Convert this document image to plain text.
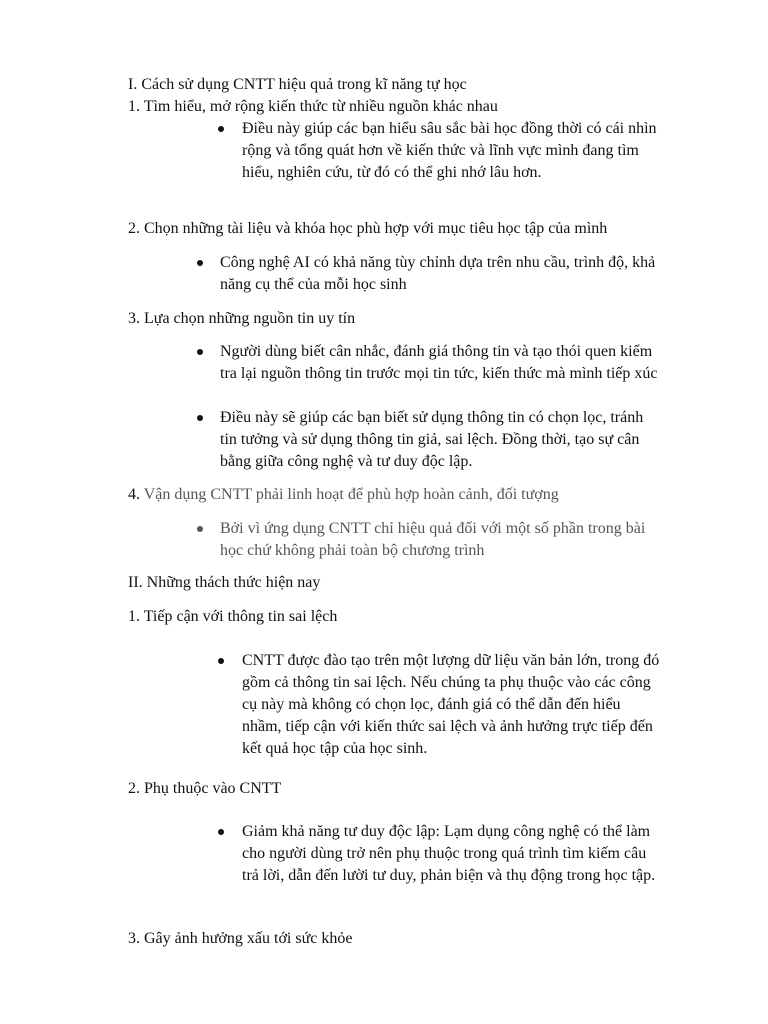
I. Cách sử dụng CNTT hiệu quả trong kĩ năng tự học
1. Tìm hiểu, mở rộng kiến thức từ nhiều nguồn khác nhau
Điều này giúp các bạn hiểu sâu sắc bài học đồng thời có cái nhìn rộng và tổng quát hơn về kiến thức và lĩnh vực mình đang tìm hiểu, nghiên cứu, từ đó có thể ghi nhớ lâu hơn.
2. Chọn những tài liệu và khóa học phù hợp với mục tiêu học tập của mình
Công nghệ AI có khả năng tùy chỉnh dựa trên nhu cầu, trình độ, khả năng cụ thể của mỗi học sinh
3. Lựa chọn những nguồn tin uy tín
Người dùng biết cân nhắc, đánh giá thông tin và tạo thói quen kiểm tra lại nguồn thông tin trước mọi tin tức, kiến thức mà mình tiếp xúc
Điều này sẽ giúp các bạn biết sử dụng thông tin có chọn lọc, tránh tin tưởng và sử dụng thông tin giả, sai lệch. Đồng thời, tạo sự cân bằng giữa công nghệ và tư duy độc lập.
4. Vận dụng CNTT phải linh hoạt để phù hợp hoàn cảnh, đối tượng
Bởi vì ứng dụng CNTT chỉ hiệu quả đối với một số phần trong bài học chứ không phải toàn bộ chương trình
II. Những thách thức hiện nay
1. Tiếp cận với thông tin sai lệch
CNTT được đào tạo trên một lượng dữ liệu văn bản lớn, trong đó gồm cả thông tin sai lệch. Nếu chúng ta phụ thuộc vào các công cụ này mà không có chọn lọc, đánh giá có thể dẫn đến hiểu nhầm, tiếp cận với kiến thức sai lệch và ảnh hưởng trực tiếp đến kết quả học tập của học sinh.
2. Phụ thuộc vào CNTT
Giảm khả năng tư duy độc lập: Lạm dụng công nghệ có thể làm cho người dùng trở nên phụ thuộc trong quá trình tìm kiếm câu trả lời, dẫn đến lười tư duy, phản biện và thụ động trong học tập.
3. Gây ảnh hưởng xấu tới sức khỏe
